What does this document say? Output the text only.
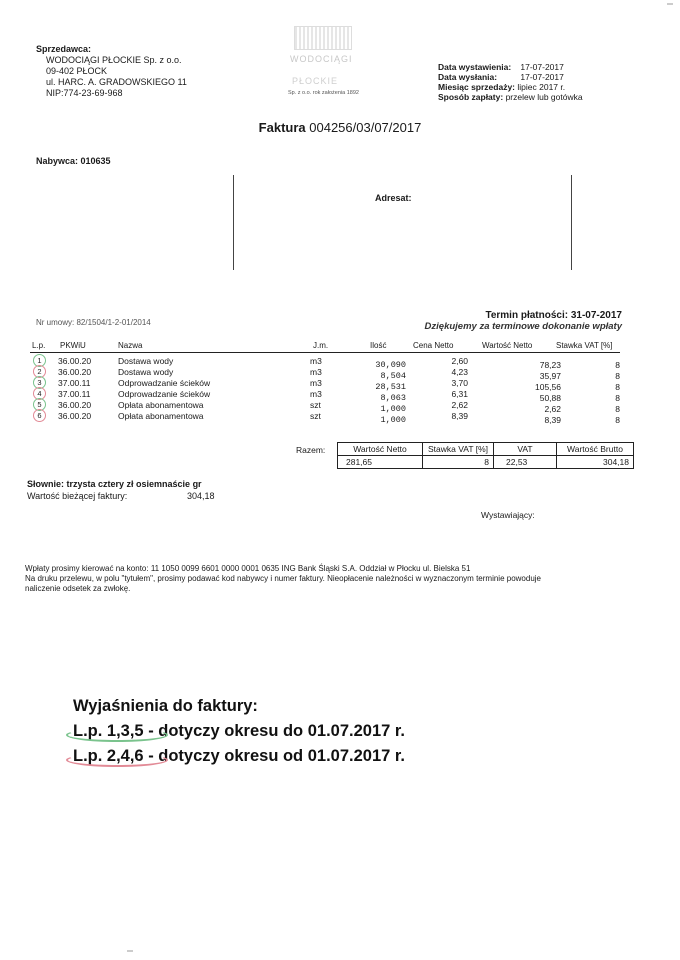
Sprzedawca:
WODOCIĄGI PŁOCKIE Sp. z o.o.
09-402 PŁOCK
ul. HARC. A. GRADOWSKIEGO 11
NIP:774-23-69-968
WODOCIĄGI
PŁOCKIE
Sp. z o.o. rok założenia 1892
Data wystawienia: 17-07-2017
Data wysłania:	17-07-2017
Miesiąc sprzedaży: lipiec 2017 r.
Sposób zapłaty: przelew lub gotówka
Faktura 004256/03/07/2017
Nabywca: 010635
Adresat:
Nr umowy: 82/1504/1-2-01/2014
Termin płatności: 31-07-2017
Dziękujemy za terminowe dokonanie wpłaty
L.p. PKWiU	Nazwa	J.m.	Ilość	Cena Netto	Wartość Netto	Stawka VAT [%]
1	36.00.20	Dostawa wody	m3	30,090	2,60	78,23	8
2	36.00.20	Dostawa wody	m3	8,504	4,23	35,97	8
3	37.00.11	Odprowadzanie ścieków	m3	28,531	3,70	105,56	8
4	37.00.11	Odprowadzanie ścieków	m3	8,063	6,31	50,88	8
5	36.00.20	Opłata abonamentowa	szt	1,000	2,62	2,62	8
6	36.00.20	Opłata abonamentowa	szt	1,000	8,39	8,39	8
Razem:	Wartość Netto	Stawka VAT [%]	VAT	Wartość Brutto
281,65	8	22,53	304,18
Słownie: trzysta cztery zł osiemnaście gr
Wartość bieżącej faktury:	304,18
Wystawiający:
Wpłaty prosimy kierować na konto: 11 1050 0099 6601 0000 0001 0635 ING Bank Śląski S.A. Oddział w Płocku ul. Bielska 51
Na druku przelewu, w polu "tytułem", prosimy podawać kod nabywcy i numer faktury. Nieopłacenie należności w wyznaczonym terminie powoduje
naliczenie odsetek za zwłokę.
Wyjaśnienia do faktury:
L.p. 1,3,5 - dotyczy okresu do 01.07.2017 r.
L.p. 2,4,6 - dotyczy okresu od 01.07.2017 r.
